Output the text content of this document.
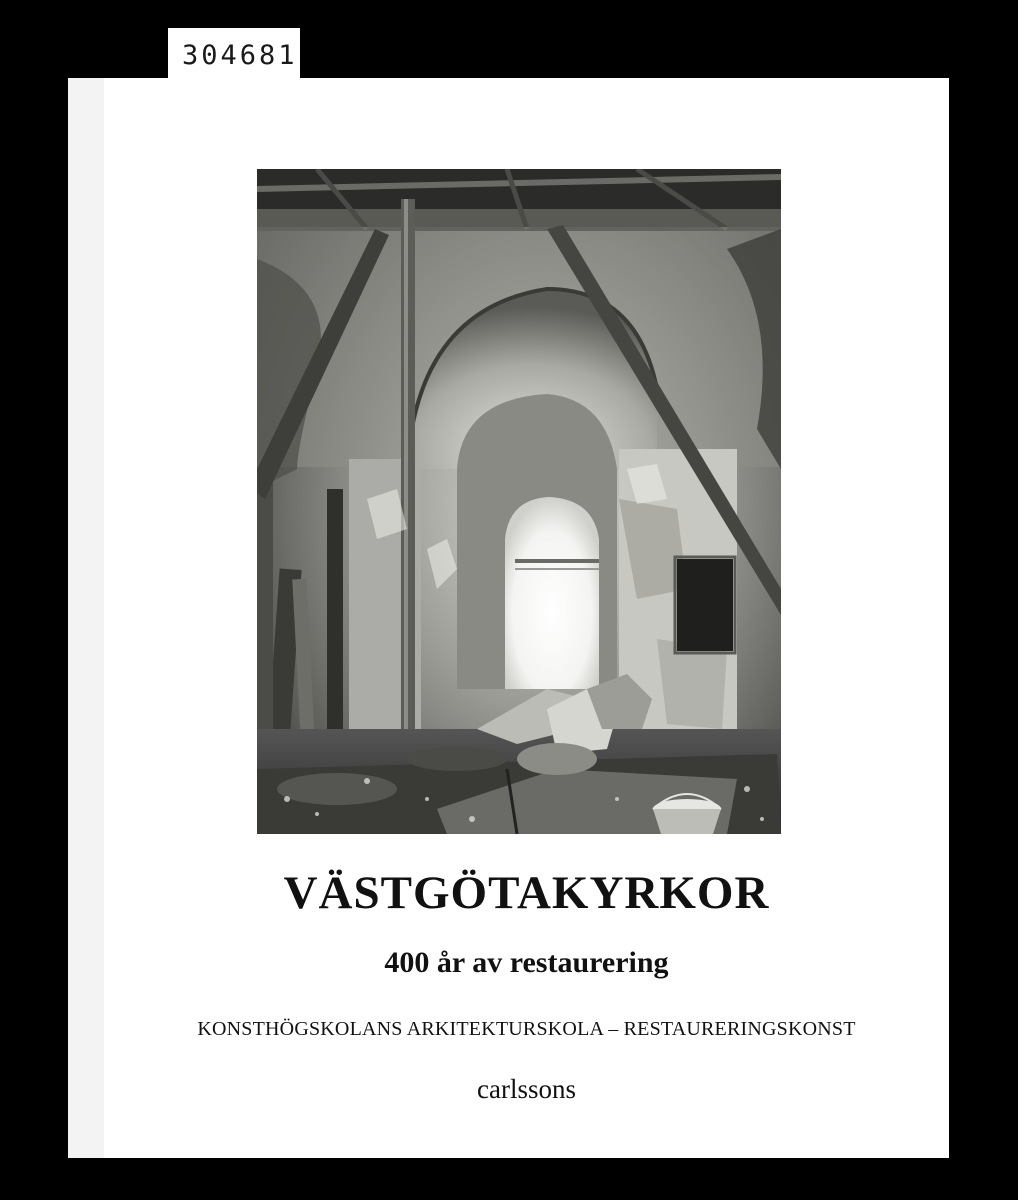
304681
VÄSTGÖTAKYRKOR
400 år av restaurering

KONSTHÖGSKOLANS ARKITEKTURSKOLA – RESTAURERINGSKONST

carlssons
